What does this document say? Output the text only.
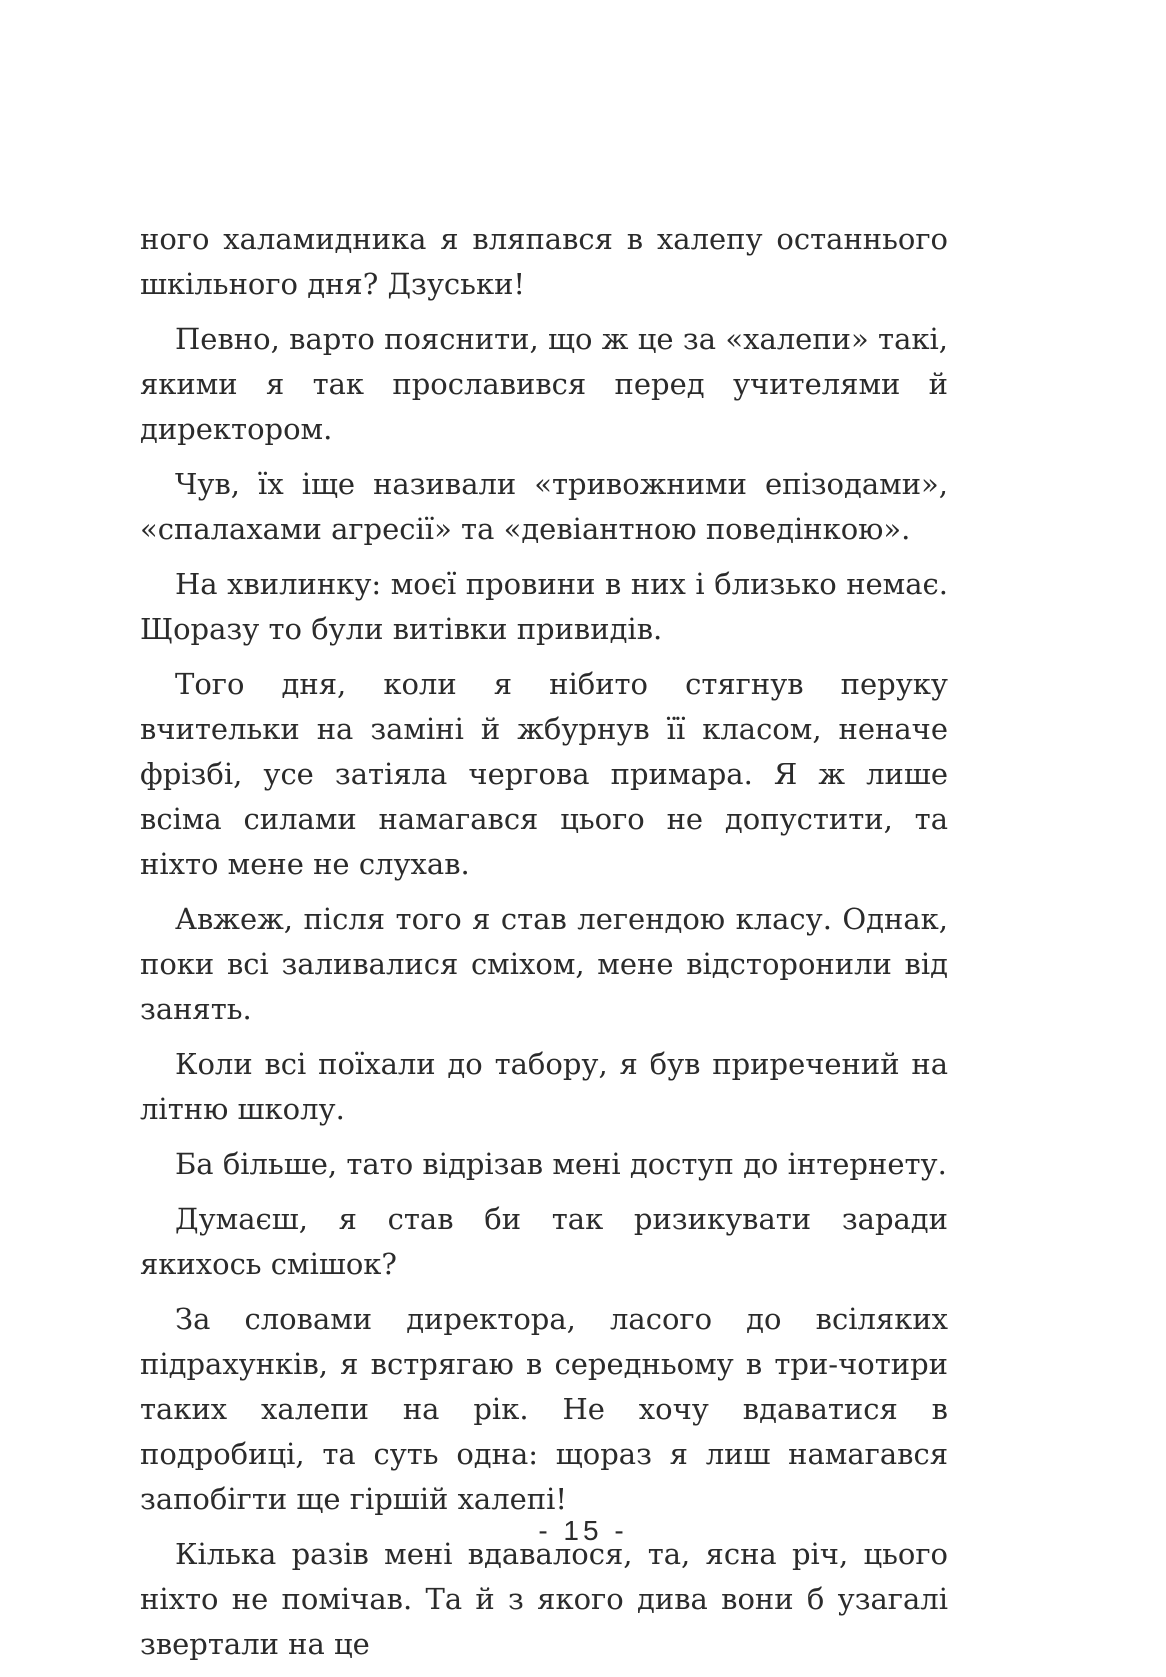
ного халамидника я вляпався в халепу останнього шкільного дня? Дзуськи!

Певно, варто пояснити, що ж це за «халепи» такі, якими я так прославився перед учителями й директором.

Чув, їх іще називали «тривожними епізодами», «спалахами агресії» та «девіантною поведінкою».

На хвилинку: моєї провини в них і близько немає. Щоразу то були витівки привидів.

Того дня, коли я нібито стягнув перуку вчительки на заміні й жбурнув її класом, неначе фрізбі, усе затіяла чергова примара. Я ж лише всіма силами намагався цього не допустити, та ніхто мене не слухав.

Авжеж, після того я став легендою класу. Однак, поки всі заливалися сміхом, мене відсторонили від занять.

Коли всі поїхали до табору, я був приречений на літню школу.

Ба більше, тато відрізав мені доступ до інтернету.

Думаєш, я став би так ризикувати заради якихось смішок?

За словами директора, ласого до всіляких підрахунків, я встрягаю в середньому в три-чотири таких халепи на рік. Не хочу вдаватися в подробиці, та суть одна: щораз я лиш намагався запобігти ще гіршій халепі!

Кілька разів мені вдавалося, та, ясна річ, цього ніхто не помічав. Та й з якого дива вони б узагалі звертали на це

- 15 -
